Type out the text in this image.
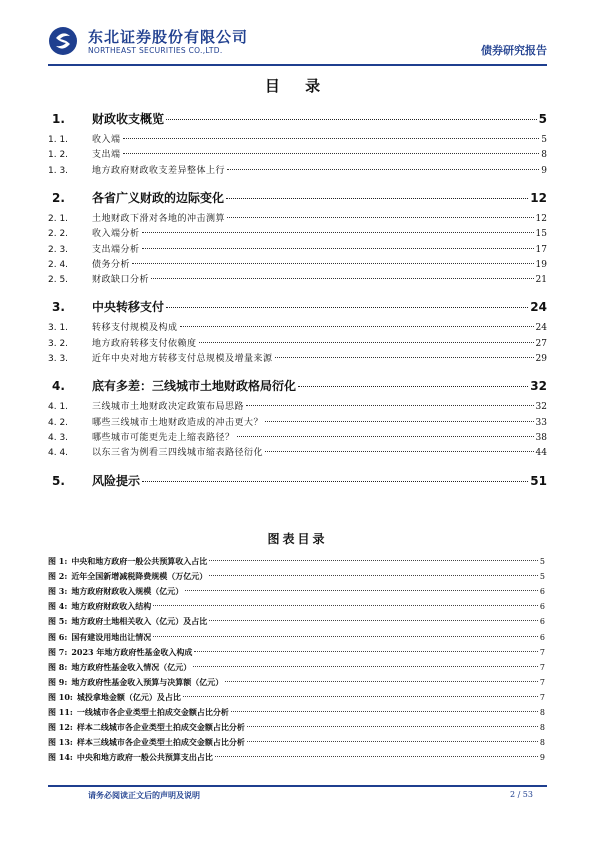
东北证券股份有限公司
NORTHEAST SECURITIES CO.,LTD.	债券研究报告
目 录
1.	财政收支概览	5
1. 1.	收入端	5
1. 2.	支出端	8
1. 3.	地方政府财政收支差异整体上行	9
2.	各省广义财政的边际变化	12
2. 1.	土地财政下滑对各地的冲击测算	12
2. 2.	收入端分析	15
2. 3.	支出端分析	17
2. 4.	债务分析	19
2. 5.	财政缺口分析	21
3.	中央转移支付	24
3. 1.	转移支付规模及构成	24
3. 2.	地方政府转移支付依赖度	27
3. 3.	近年中央对地方转移支付总规模及增量来源	29
4.	底有多差：三线城市土地财政格局衍化	32
4. 1.	三线城市土地财政决定政策布局思路	32
4. 2.	哪些三线城市土地财政造成的冲击更大？	33
4. 3.	哪些城市可能更先走上缩表路径？	38
4. 4.	以东三省为例看三四线城市缩表路径衍化	44
5.	风险提示	51
图表目录
图 1: 中央和地方政府一般公共预算收入占比	5
图 2: 近年全国新增减税降费规模（万亿元）	5
图 3: 地方政府财政收入规模（亿元）	6
图 4: 地方政府财政收入结构	6
图 5: 地方政府土地相关收入（亿元）及占比	6
图 6: 国有建设用地出让情况	6
图 7: 2023 年地方政府性基金收入构成	7
图 8: 地方政府性基金收入情况（亿元）	7
图 9: 地方政府性基金收入预算与决算额（亿元）	7
图 10: 城投拿地金额（亿元）及占比	7
图 11: 一线城市各企业类型土拍成交金额占比分析	8
图 12: 样本二线城市各企业类型土拍成交金额占比分析	8
图 13: 样本三线城市各企业类型土拍成交金额占比分析	8
图 14: 中央和地方政府一般公共预算支出占比	9
请务必阅读正文后的声明及说明	2 / 53
